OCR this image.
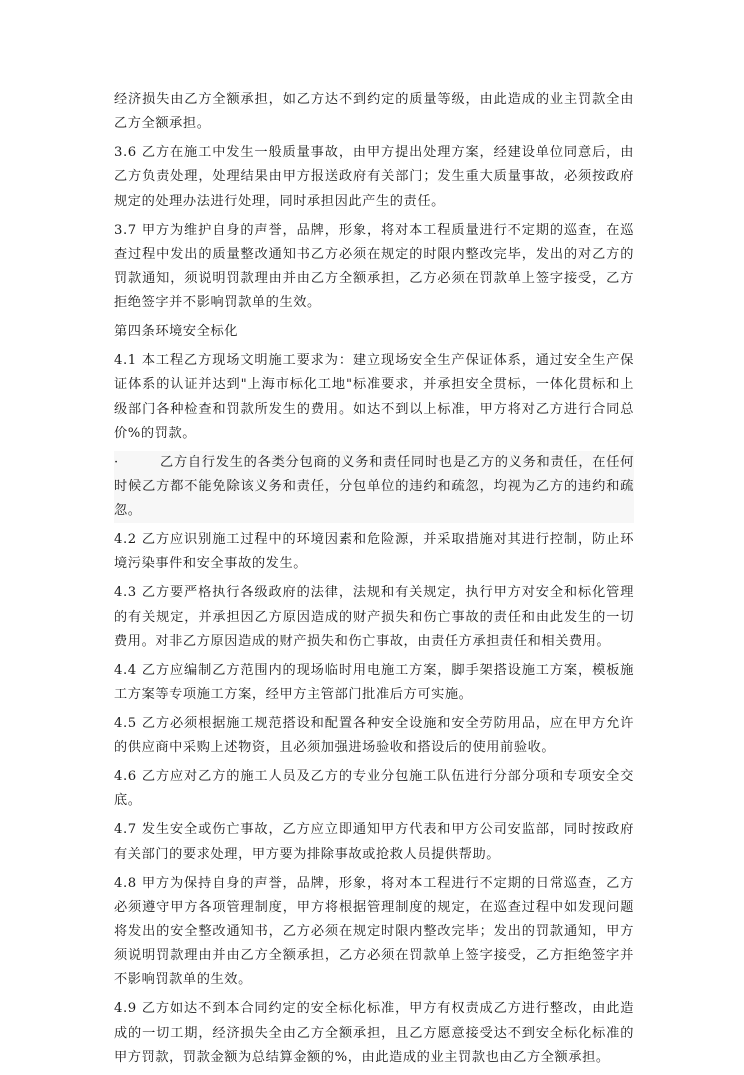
经济损失由乙方全额承担，如乙方达不到约定的质量等级，由此造成的业主罚款全由乙方全额承担。

3.6 乙方在施工中发生一般质量事故，由甲方提出处理方案，经建设单位同意后，由乙方负责处理，处理结果由甲方报送政府有关部门；发生重大质量事故，必须按政府规定的处理办法进行处理，同时承担因此产生的责任。

3.7 甲方为维护自身的声誉，品牌，形象，将对本工程质量进行不定期的巡查，在巡查过程中发出的质量整改通知书乙方必须在规定的时限内整改完毕，发出的对乙方的罚款通知，须说明罚款理由并由乙方全额承担，乙方必须在罚款单上签字接受，乙方拒绝签字并不影响罚款单的生效。

第四条环境安全标化

4.1 本工程乙方现场文明施工要求为：建立现场安全生产保证体系，通过安全生产保证体系的认证并达到"上海市标化工地"标准要求，并承担安全贯标，一体化贯标和上级部门各种检查和罚款所发生的费用。如达不到以上标准，甲方将对乙方进行合同总价%的罚款。

·	乙方自行发生的各类分包商的义务和责任同时也是乙方的义务和责任，在任何时候乙方都不能免除该义务和责任，分包单位的违约和疏忽，均视为乙方的违约和疏忽。

4.2 乙方应识别施工过程中的环境因素和危险源，并采取措施对其进行控制，防止环境污染事件和安全事故的发生。

4.3 乙方要严格执行各级政府的法律，法规和有关规定，执行甲方对安全和标化管理的有关规定，并承担因乙方原因造成的财产损失和伤亡事故的责任和由此发生的一切费用。对非乙方原因造成的财产损失和伤亡事故，由责任方承担责任和相关费用。

4.4 乙方应编制乙方范围内的现场临时用电施工方案，脚手架搭设施工方案，模板施工方案等专项施工方案，经甲方主管部门批准后方可实施。

4.5 乙方必须根据施工规范搭设和配置各种安全设施和安全劳防用品，应在甲方允许的供应商中采购上述物资，且必须加强进场验收和搭设后的使用前验收。

4.6 乙方应对乙方的施工人员及乙方的专业分包施工队伍进行分部分项和专项安全交底。

4.7 发生安全或伤亡事故，乙方应立即通知甲方代表和甲方公司安监部，同时按政府有关部门的要求处理，甲方要为排除事故或抢救人员提供帮助。

4.8 甲方为保持自身的声誉，品牌，形象，将对本工程进行不定期的日常巡查，乙方必须遵守甲方各项管理制度，甲方将根据管理制度的规定，在巡查过程中如发现问题将发出的安全整改通知书，乙方必须在规定时限内整改完毕；发出的罚款通知，甲方须说明罚款理由并由乙方全额承担，乙方必须在罚款单上签字接受，乙方拒绝签字并不影响罚款单的生效。

4.9 乙方如达不到本合同约定的安全标化标准，甲方有权责成乙方进行整改，由此造成的一切工期，经济损失全由乙方全额承担，且乙方愿意接受达不到安全标化标准的甲方罚款，罚款金额为总结算金额的%，由此造成的业主罚款也由乙方全额承担。
